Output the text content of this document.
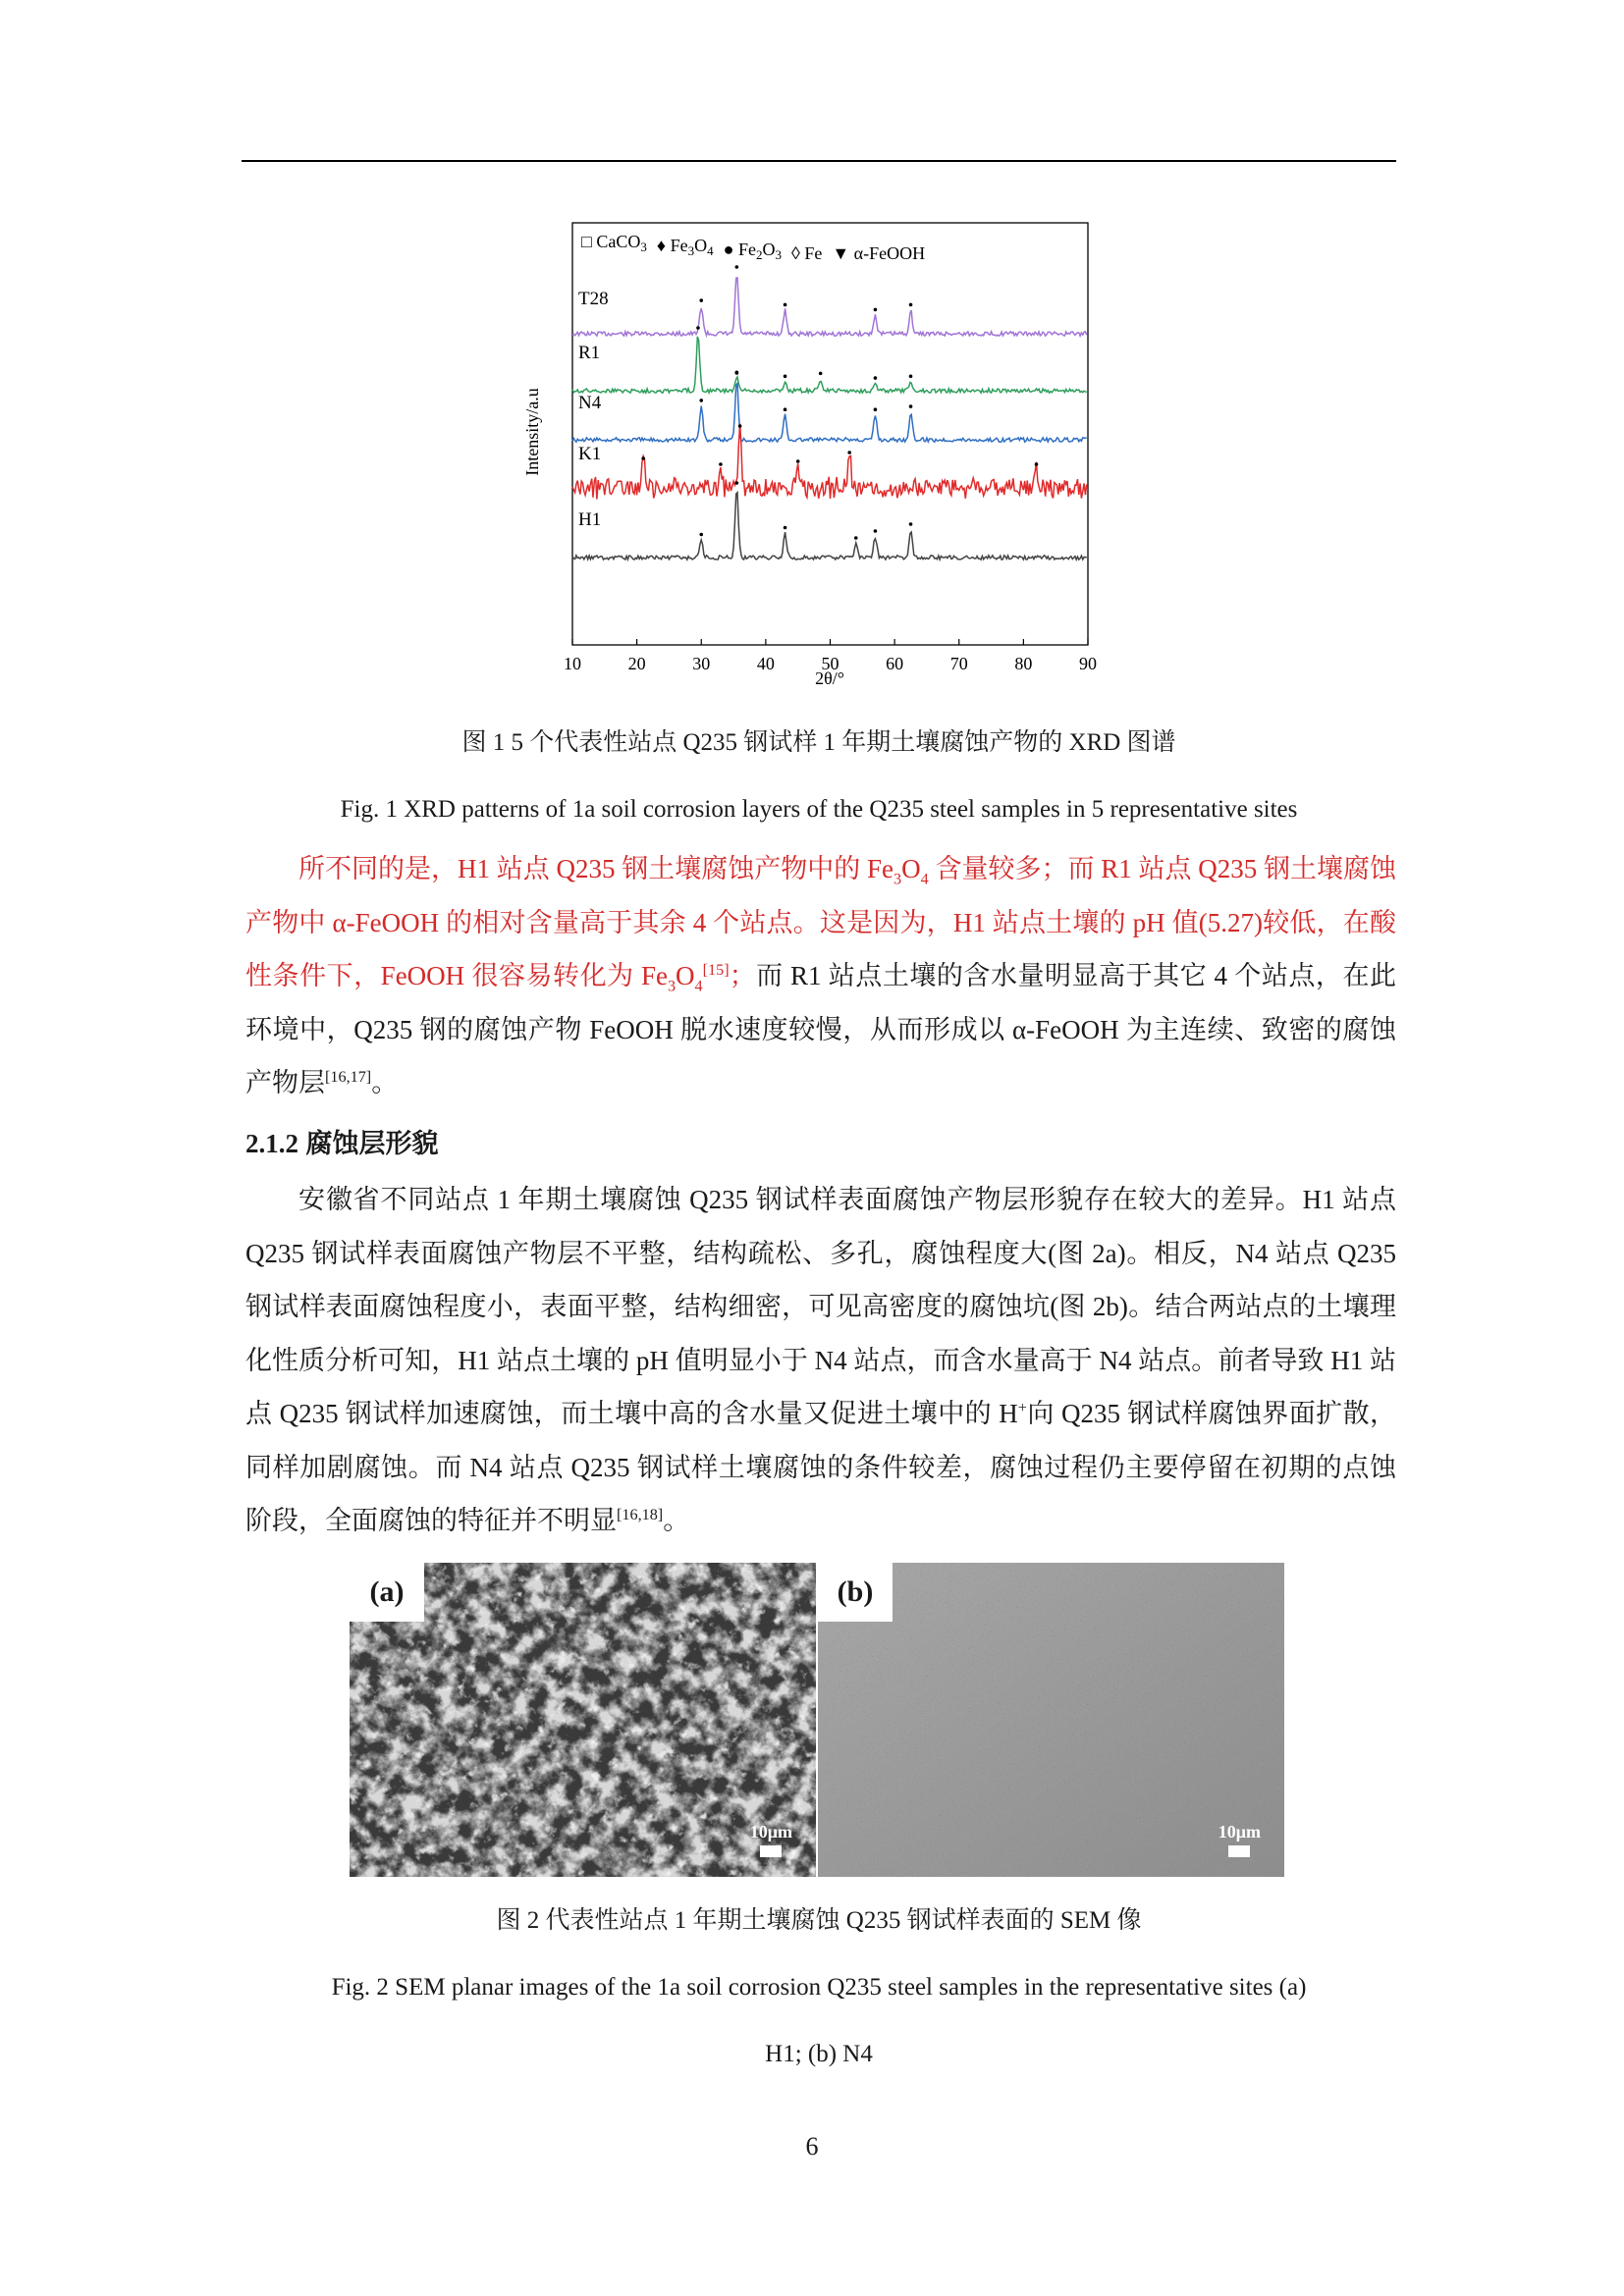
□ CaCO$_3$ ♦ $Fe_3O_4$ ● $Fe_2O_3$ ◊ Fe ▼ α-FeOOH
T28
R1
N4
K1
H1
10	20	30	40	50	60	70	80	90
2θ/°
Intensity/a.u
图 1 5 个代表性站点 Q235 钢试样 1 年期土壤腐蚀产物的 XRD 图谱
Fig. 1 XRD patterns of 1a soil corrosion layers of the Q235 steel samples in 5 representative sites

所不同的是，H1 站点 Q235 钢土壤腐蚀产物中的 $Fe_3O_4$ 含量较多；而 R1 站点 Q235 钢土壤腐蚀产物中 α-FeOOH 的相对含量高于其余 4 个站点。这是因为，H1 站点土壤的 pH 值(5.27)较低，在酸性条件下，FeOOH 很容易转化为 $Fe_3O_4[15]$；而 R1 站点土壤的含水量明显高于其它 4 个站点，在此环境中，Q235 钢的腐蚀产物 FeOOH 脱水速度较慢，从而形成以 α-FeOOH 为主连续、致密的腐蚀产物层[16,17]。

2.1.2 腐蚀层形貌

安徽省不同站点 1 年期土壤腐蚀 Q235 钢试样表面腐蚀产物层形貌存在较大的差异。H1 站点 Q235 钢试样表面腐蚀产物层不平整，结构疏松、多孔，腐蚀程度大(图 2a)。相反，N4 站点 Q235 钢试样表面腐蚀程度小，表面平整，结构细密，可见高密度的腐蚀坑(图 2b)。结合两站点的土壤理化性质分析可知，H1 站点土壤的 pH 值明显小于 N4 站点，而含水量高于 N4 站点。前者导致 H1 站点 Q235 钢试样加速腐蚀，而土壤中高的含水量又促进土壤中的 H+向 Q235 钢试样腐蚀界面扩散，同样加剧腐蚀。而 N4 站点 Q235 钢试样土壤腐蚀的条件较差，腐蚀过程仍主要停留在初期的点蚀阶段，全面腐蚀的特征并不明显[16,18]。

(a)
10μm
(b)
10μm
图 2 代表性站点 1 年期土壤腐蚀 Q235 钢试样表面的 SEM 像
Fig. 2 SEM planar images of the 1a soil corrosion Q235 steel samples in the representative sites (a)
H1; (b) N4
6
